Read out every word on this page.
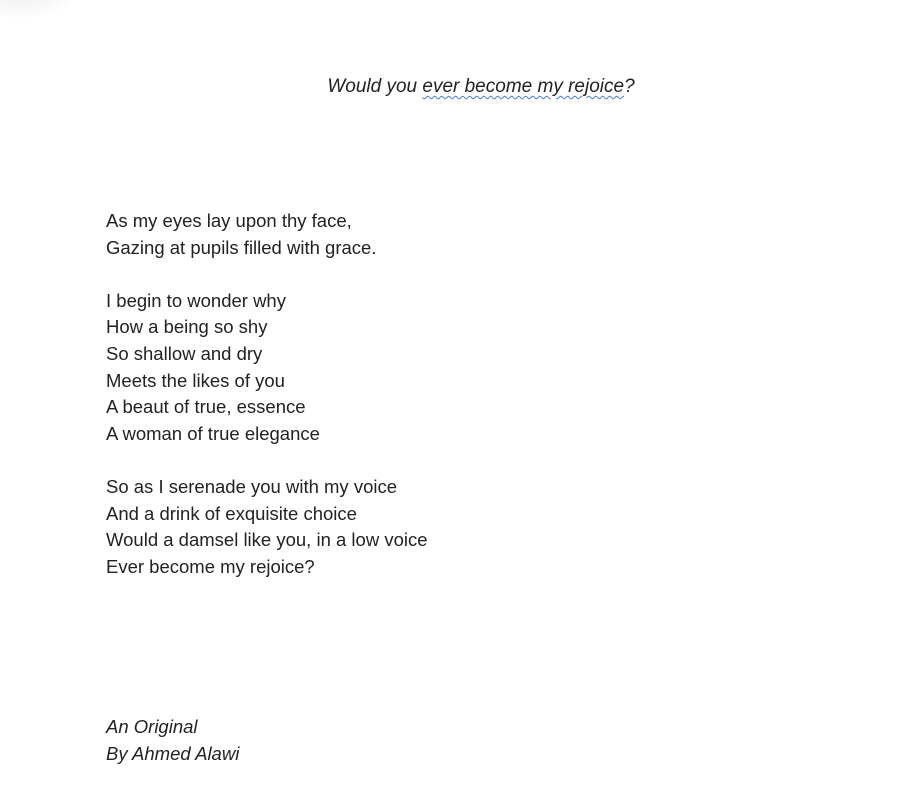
Would you ever become my rejoice?
As my eyes lay upon thy face,
Gazing at pupils filled with grace.
I begin to wonder why
How a being so shy
So shallow and dry
Meets the likes of you
A beaut of true, essence
A woman of true elegance
So as I serenade you with my voice
And a drink of exquisite choice
Would a damsel like you, in a low voice
Ever become my rejoice?
An Original
By Ahmed Alawi
